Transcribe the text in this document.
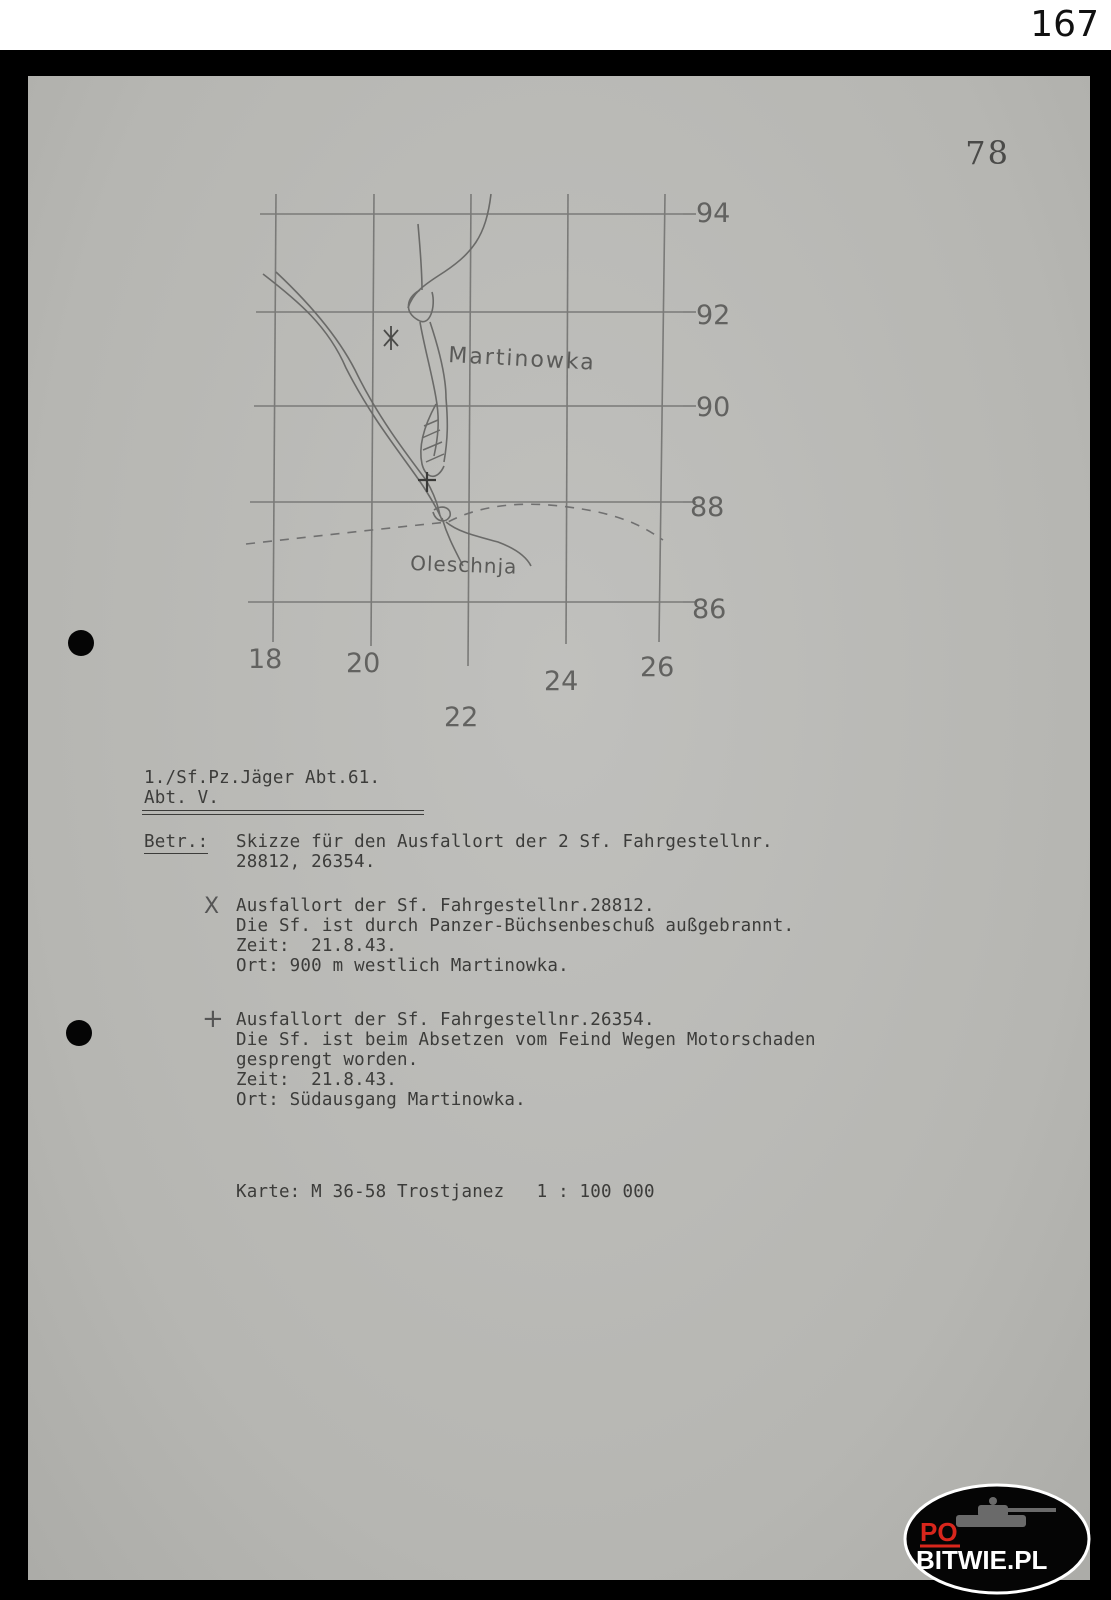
167
78
94
92
90
88
86
18 20
22
24 26
Martinowka
Oleschnja
1./Sf.Pz.Jäger Abt.61.
Abt. V.
Betr.: Skizze für den Ausfallort der 2 Sf. Fahrgestellnr.
28812, 26354.
X Ausfallort der Sf. Fahrgestellnr.28812.
Die Sf. ist durch Panzer-Büchsenbeschuß außgebrannt.
Zeit:  21.8.43.
Ort: 900 m westlich Martinowka.
+ Ausfallort der Sf. Fahrgestellnr.26354.
Die Sf. ist beim Absetzen vom Feind Wegen Motorschaden
gesprengt worden.
Zeit:  21.8.43.
Ort: Südausgang Martinowka.
Karte: M 36-58 Trostjanez   1 : 100 000
PO
BITWIE.PL
